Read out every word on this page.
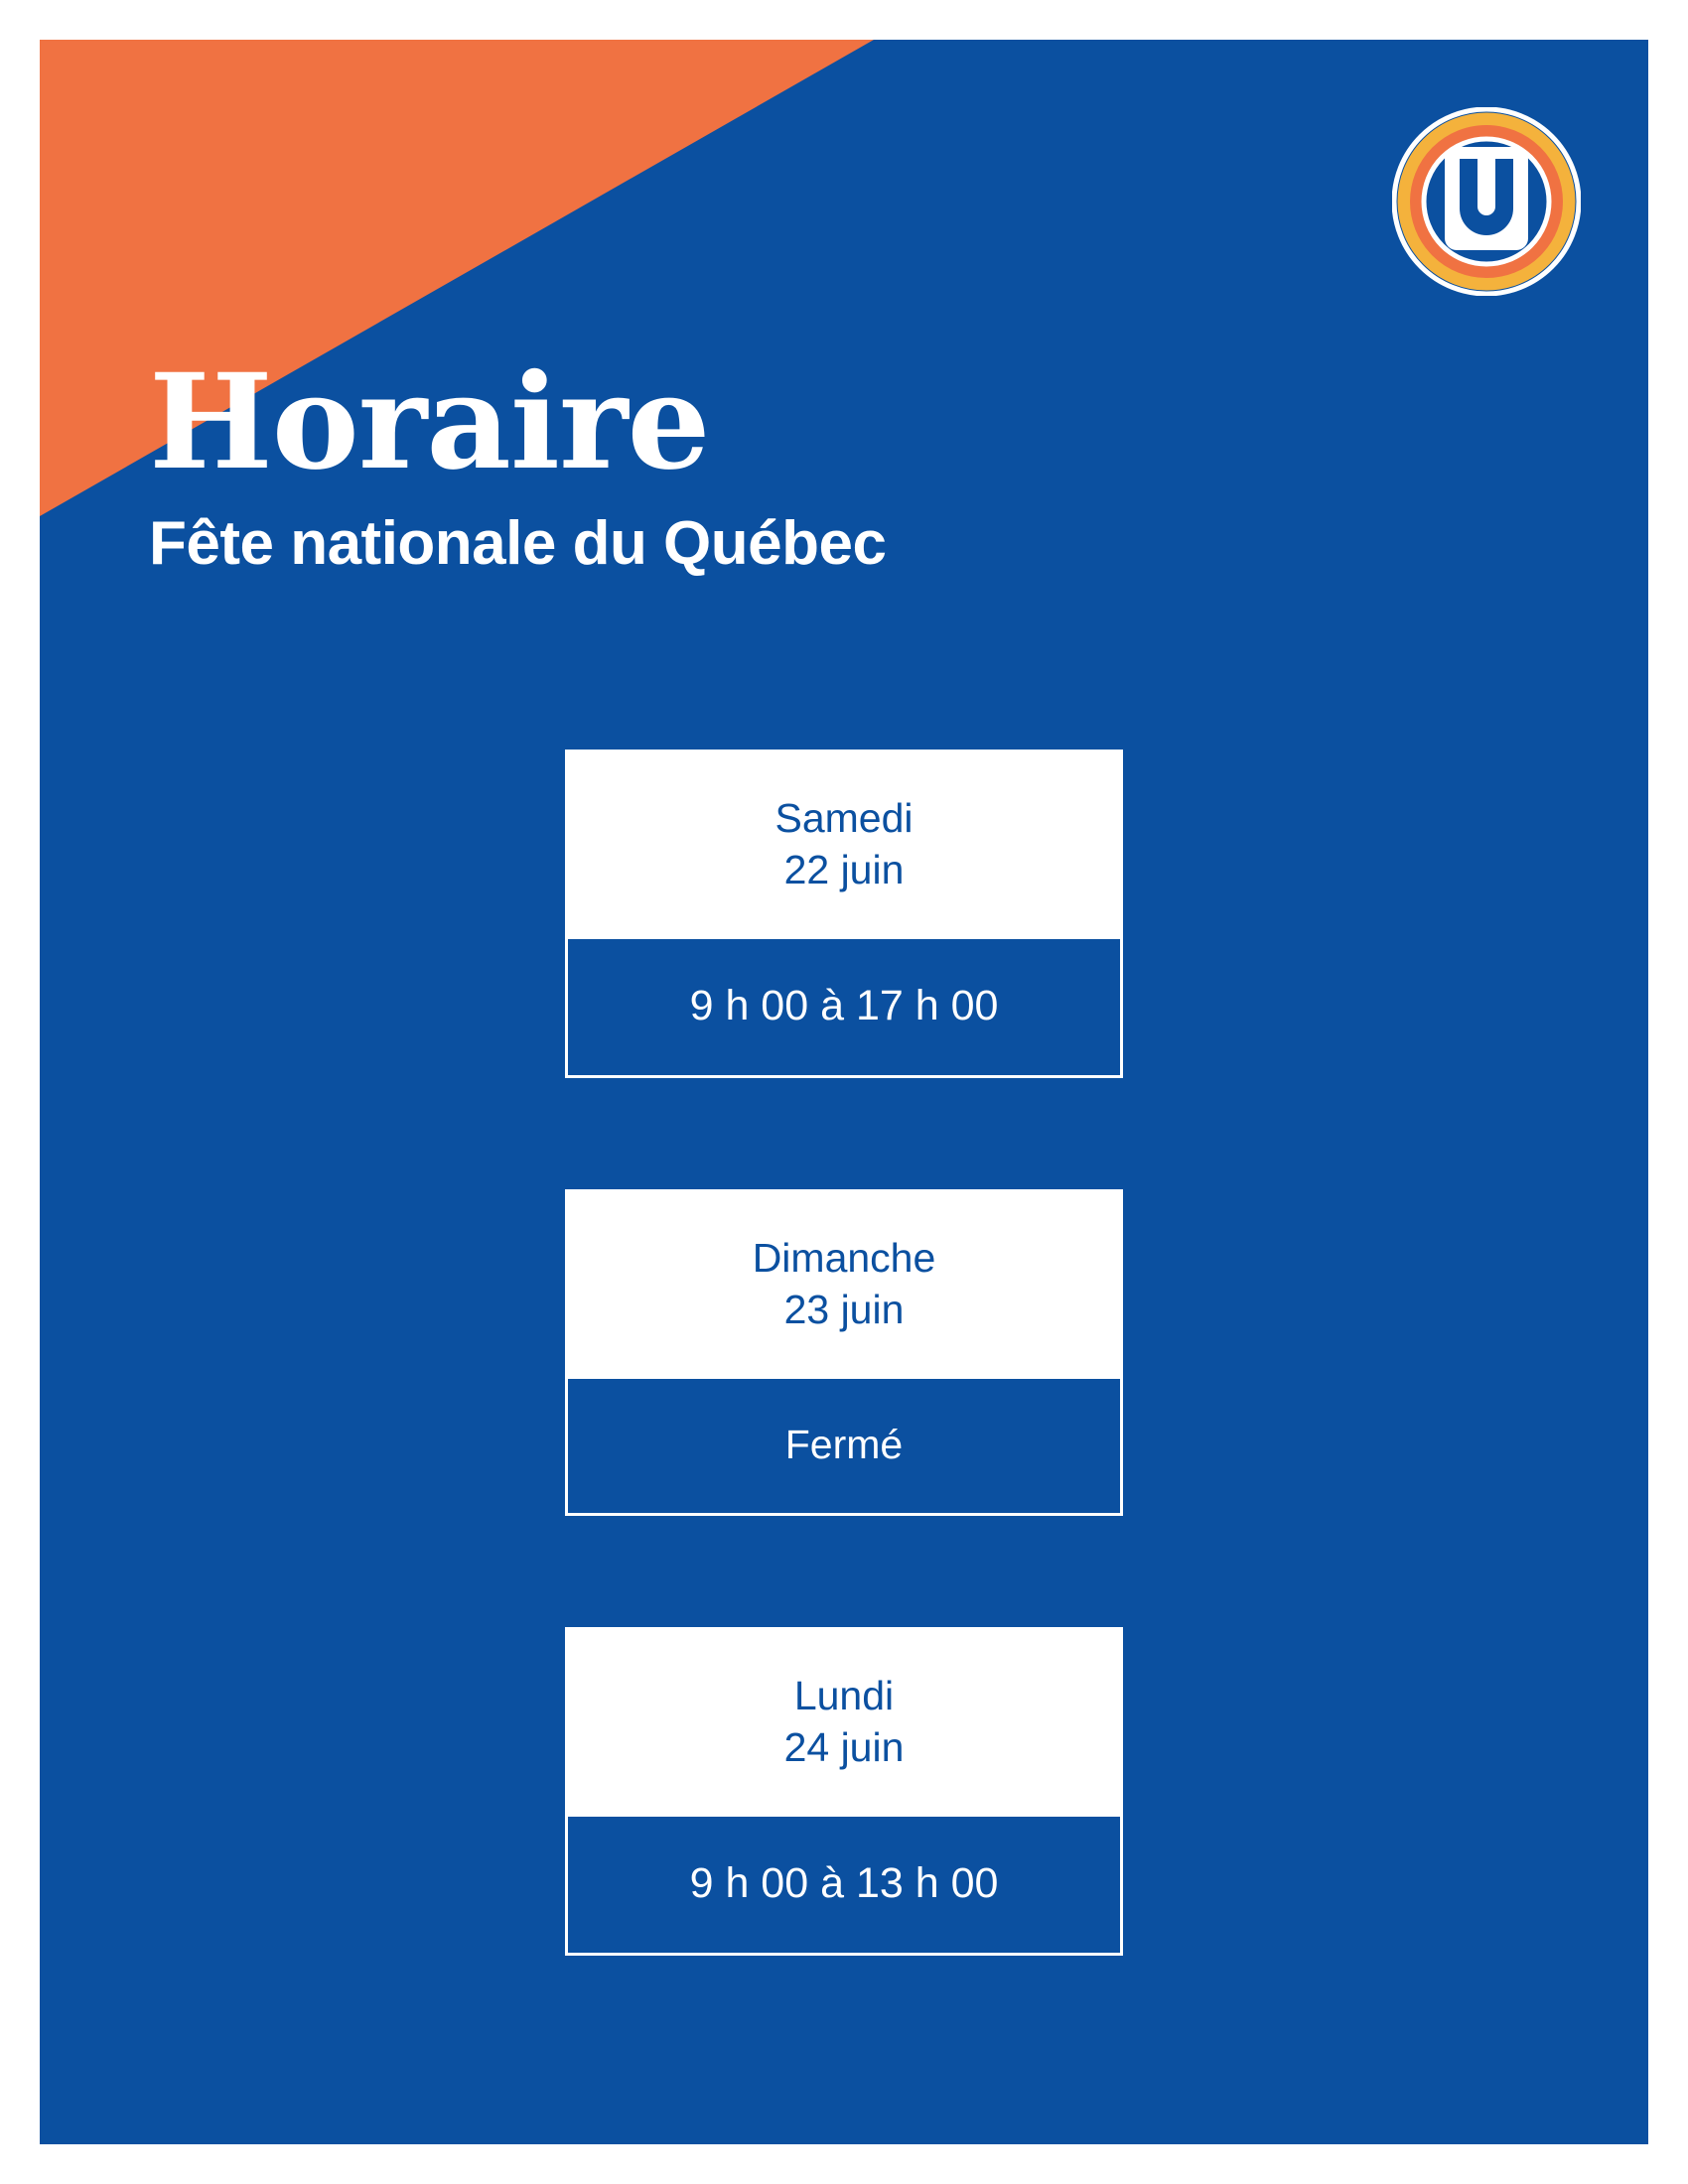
Horaire

Fête nationale du Québec

Samedi
22 juin
9 h 00 à 17 h 00
Dimanche
23 juin
Fermé
Lundi
24 juin
9 h 00 à 13 h 00
